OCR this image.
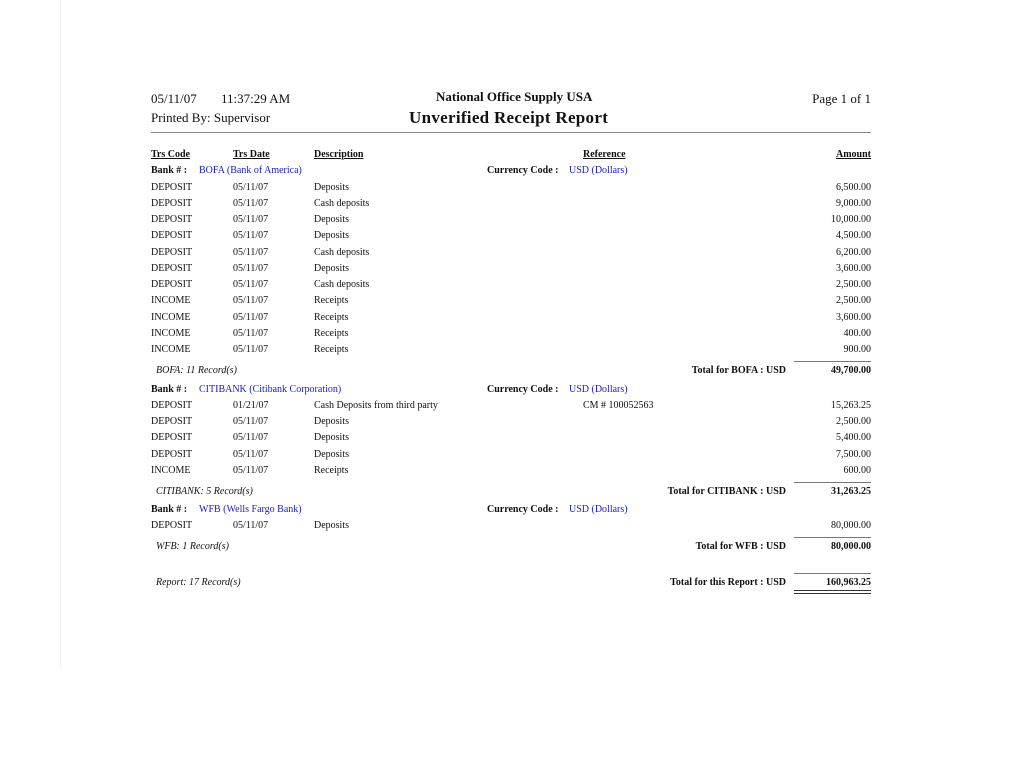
05/11/07 11:37:29 AM
Printed By: Supervisor
National Office Supply USA
Unverified Receipt Report
Page 1 of 1
Trs Code	Trs Date	Description	Reference	Amount
Bank # : BOFA (Bank of America)	Currency Code : USD (Dollars)
DEPOSIT	05/11/07	Deposits	6,500.00
DEPOSIT	05/11/07	Cash deposits	9,000.00
DEPOSIT	05/11/07	Deposits	10,000.00
DEPOSIT	05/11/07	Deposits	4,500.00
DEPOSIT	05/11/07	Cash deposits	6,200.00
DEPOSIT	05/11/07	Deposits	3,600.00
DEPOSIT	05/11/07	Cash deposits	2,500.00
INCOME	05/11/07	Receipts	2,500.00
INCOME	05/11/07	Receipts	3,600.00
INCOME	05/11/07	Receipts	400.00
INCOME	05/11/07	Receipts	900.00
BOFA: 11 Record(s)	Total for BOFA : USD	49,700.00
Bank # : CITIBANK (Citibank Corporation)	Currency Code : USD (Dollars)
DEPOSIT	01/21/07	Cash Deposits from third party	CM # 100052563	15,263.25
DEPOSIT	05/11/07	Deposits	2,500.00
DEPOSIT	05/11/07	Deposits	5,400.00
DEPOSIT	05/11/07	Deposits	7,500.00
INCOME	05/11/07	Receipts	600.00
CITIBANK: 5 Record(s)	Total for CITIBANK : USD	31,263.25
Bank # : WFB (Wells Fargo Bank)	Currency Code : USD (Dollars)
DEPOSIT	05/11/07	Deposits	80,000.00
WFB: 1 Record(s)	Total for WFB : USD	80,000.00
Report: 17 Record(s)	Total for this Report : USD	160,963.25
